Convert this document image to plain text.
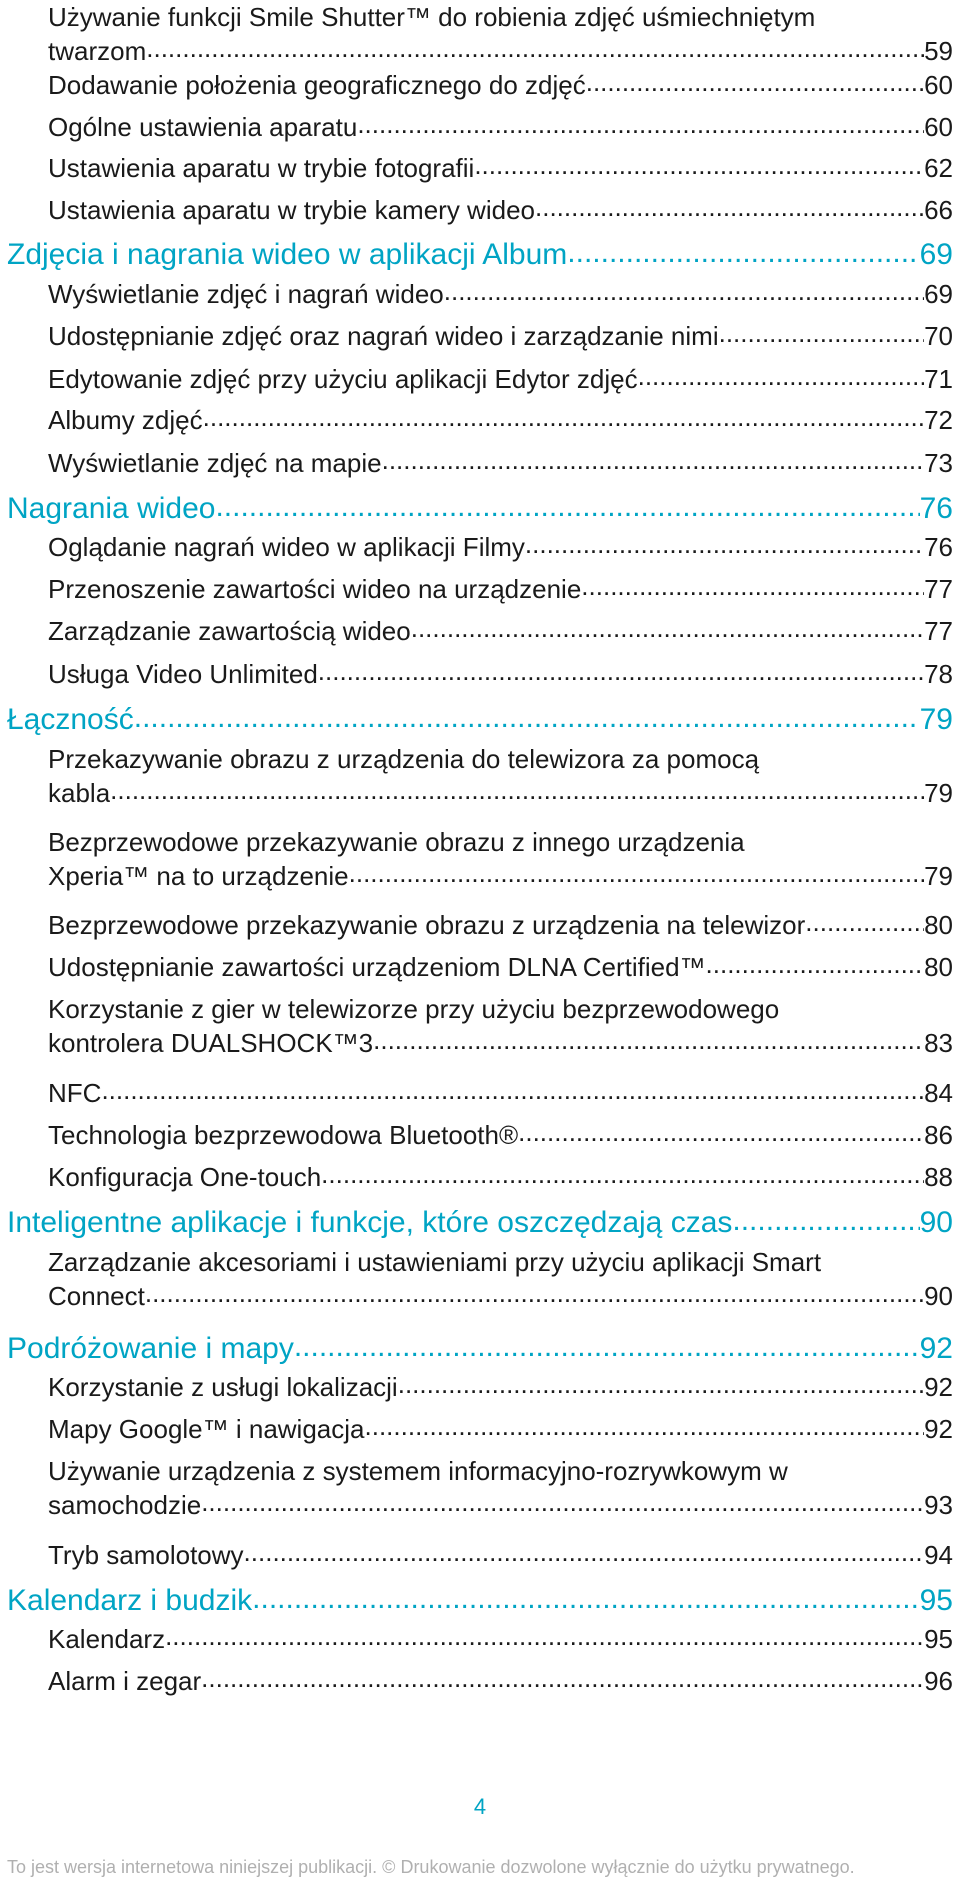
Używanie funkcji Smile Shutter™ do robienia zdjęć uśmiechniętym
twarzom .....	59
Dodawanie położenia geograficznego do zdjęć .....	60
Ogólne ustawienia aparatu .....	60
Ustawienia aparatu w trybie fotografii .....	62
Ustawienia aparatu w trybie kamery wideo .....	66
Zdjęcia i nagrania wideo w aplikacji Album .....	69
Wyświetlanie zdjęć i nagrań wideo .....	69
Udostępnianie zdjęć oraz nagrań wideo i zarządzanie nimi .....	70
Edytowanie zdjęć przy użyciu aplikacji Edytor zdjęć .....	71
Albumy zdjęć .....	72
Wyświetlanie zdjęć na mapie .....	73
Nagrania wideo .....	76
Oglądanie nagrań wideo w aplikacji Filmy .....	76
Przenoszenie zawartości wideo na urządzenie .....	77
Zarządzanie zawartością wideo .....	77
Usługa Video Unlimited .....	78
Łączność .....	79
Przekazywanie obrazu z urządzenia do telewizora za pomocą
kabla .....	79
Bezprzewodowe przekazywanie obrazu z innego urządzenia
Xperia™ na to urządzenie .....	79
Bezprzewodowe przekazywanie obrazu z urządzenia na telewizor .....	80
Udostępnianie zawartości urządzeniom DLNA Certified™ .....	80
Korzystanie z gier w telewizorze przy użyciu bezprzewodowego
kontrolera DUALSHOCK™3 .....	83
NFC .....	84
Technologia bezprzewodowa Bluetooth® .....	86
Konfiguracja One-touch .....	88
Inteligentne aplikacje i funkcje, które oszczędzają czas .....	90
Zarządzanie akcesoriami i ustawieniami przy użyciu aplikacji Smart
Connect .....	90
Podróżowanie i mapy .....	92
Korzystanie z usługi lokalizacji .....	92
Mapy Google™ i nawigacja .....	92
Używanie urządzenia z systemem informacyjno-rozrywkowym w
samochodzie .....	93
Tryb samolotowy .....	94
Kalendarz i budzik .....	95
Kalendarz .....	95
Alarm i zegar .....	96
4
To jest wersja internetowa niniejszej publikacji. © Drukowanie dozwolone wyłącznie do użytku prywatnego.
